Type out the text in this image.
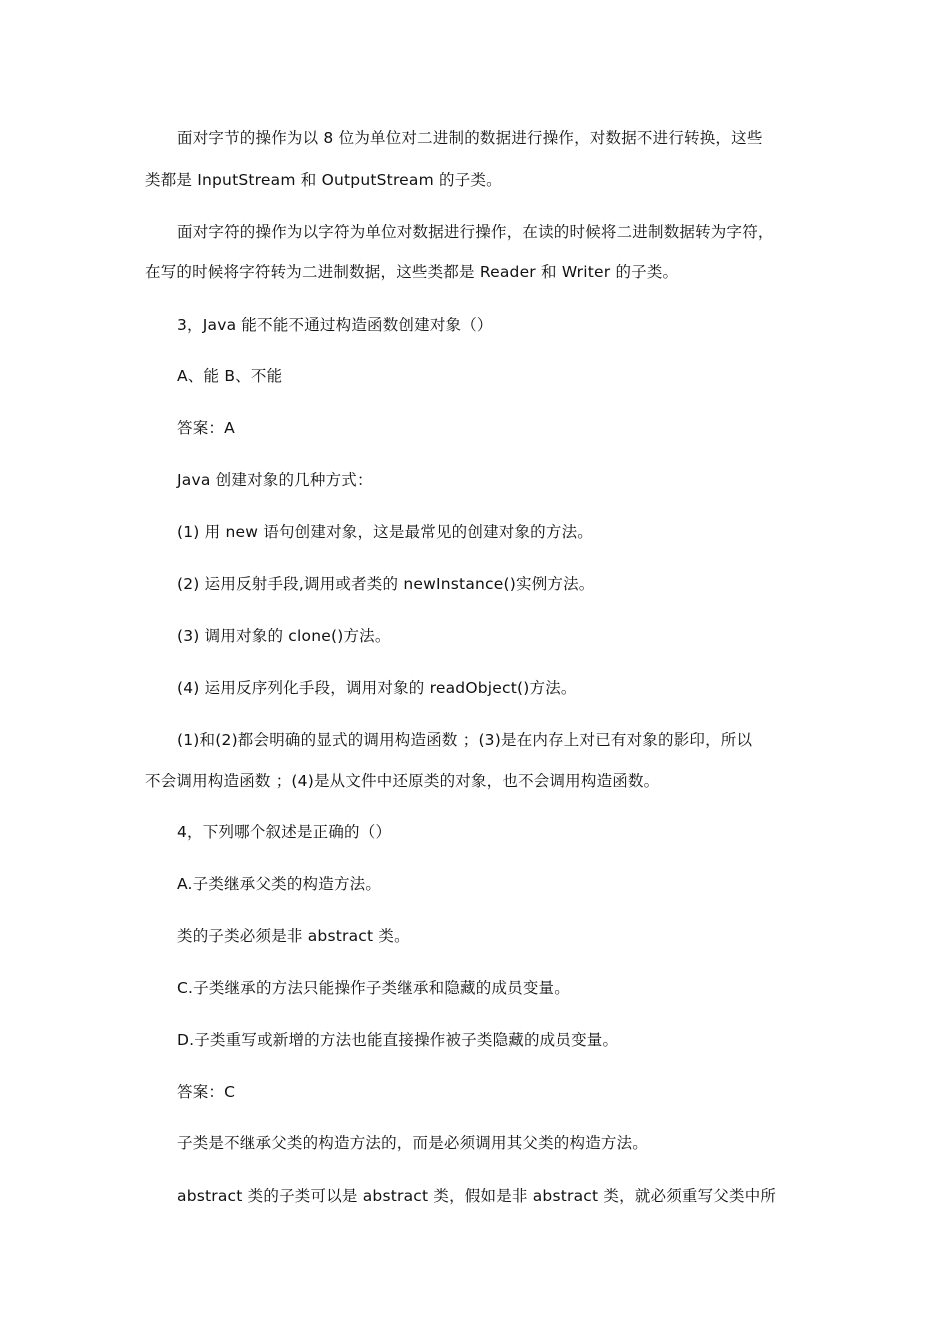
面对字节的操作为以 8 位为单位对二进制的数据进行操作，对数据不进行转换，这些
类都是 InputStream 和 OutputStream 的子类。
面对字符的操作为以字符为单位对数据进行操作，在读的时候将二进制数据转为字符，
在写的时候将字符转为二进制数据，这些类都是 Reader 和 Writer 的子类。
3，Java 能不能不通过构造函数创建对象（）
A、能 B、不能
答案：A
Java 创建对象的几种方式：
(1) 用 new 语句创建对象，这是最常见的创建对象的方法。
(2) 运用反射手段,调用或者类的 newInstance()实例方法。
(3) 调用对象的 clone()方法。
(4) 运用反序列化手段，调用对象的 readObject()方法。
(1)和(2)都会明确的显式的调用构造函数 ；(3)是在内存上对已有对象的影印，所以
不会调用构造函数 ；(4)是从文件中还原类的对象，也不会调用构造函数。
4，下列哪个叙述是正确的（）
A.子类继承父类的构造方法。
类的子类必须是非 abstract 类。
C.子类继承的方法只能操作子类继承和隐藏的成员变量。
D.子类重写或新增的方法也能直接操作被子类隐藏的成员变量。
答案：C
子类是不继承父类的构造方法的，而是必须调用其父类的构造方法。
abstract 类的子类可以是 abstract 类，假如是非 abstract 类，就必须重写父类中所
